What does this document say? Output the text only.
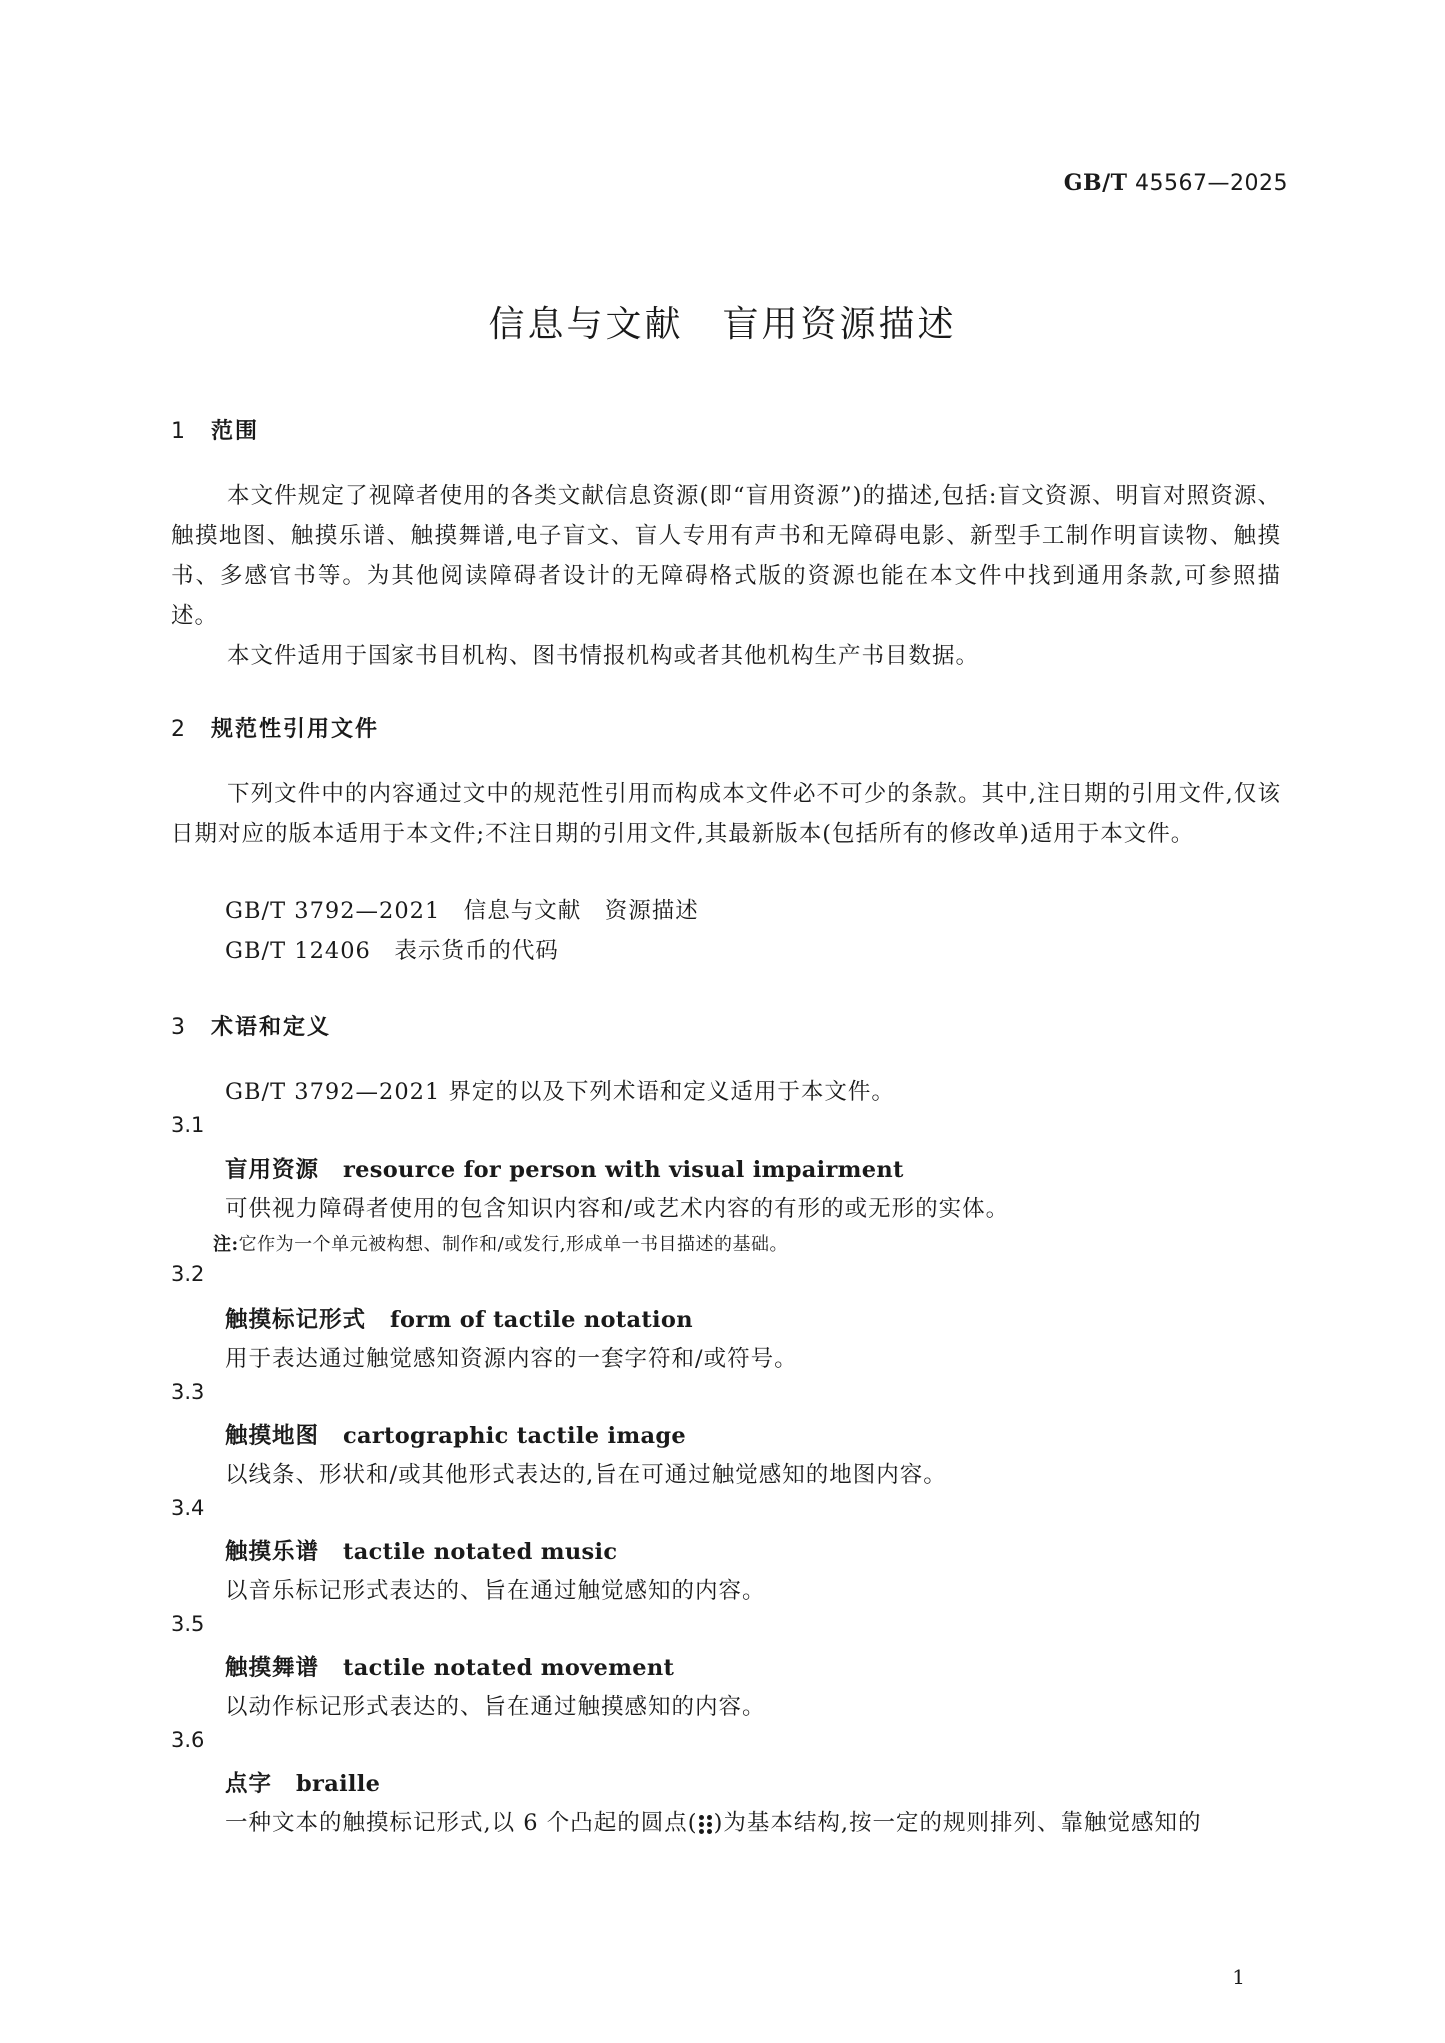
GB/T 45567—2025
信息与文献　盲用资源描述
1 范围
本文件规定了视障者使用的各类文献信息资源(即“盲用资源”)的描述,包括:盲文资源、明盲对照资源、触摸地图、触摸乐谱、触摸舞谱,电子盲文、盲人专用有声书和无障碍电影、新型手工制作明盲读物、触摸书、多感官书等。为其他阅读障碍者设计的无障碍格式版的资源也能在本文件中找到通用条款,可参照描述。
本文件适用于国家书目机构、图书情报机构或者其他机构生产书目数据。
2 规范性引用文件
下列文件中的内容通过文中的规范性引用而构成本文件必不可少的条款。其中,注日期的引用文件,仅该日期对应的版本适用于本文件;不注日期的引用文件,其最新版本(包括所有的修改单)适用于本文件。
GB/T 3792—2021　信息与文献　资源描述
GB/T 12406　表示货币的代码
3 术语和定义
GB/T 3792—2021 界定的以及下列术语和定义适用于本文件。
3.1
盲用资源 resource for person with visual impairment
可供视力障碍者使用的包含知识内容和/或艺术内容的有形的或无形的实体。
注:它作为一个单元被构想、制作和/或发行,形成单一书目描述的基础。
3.2
触摸标记形式 form of tactile notation
用于表达通过触觉感知资源内容的一套字符和/或符号。
3.3
触摸地图 cartographic tactile image
以线条、形状和/或其他形式表达的,旨在可通过触觉感知的地图内容。
3.4
触摸乐谱 tactile notated music
以音乐标记形式表达的、旨在通过触觉感知的内容。
3.5
触摸舞谱 tactile notated movement
以动作标记形式表达的、旨在通过触摸感知的内容。
3.6
点字 braille
一种文本的触摸标记形式,以 6 个凸起的圆点( )为基本结构,按一定的规则排列、靠触觉感知的
1
